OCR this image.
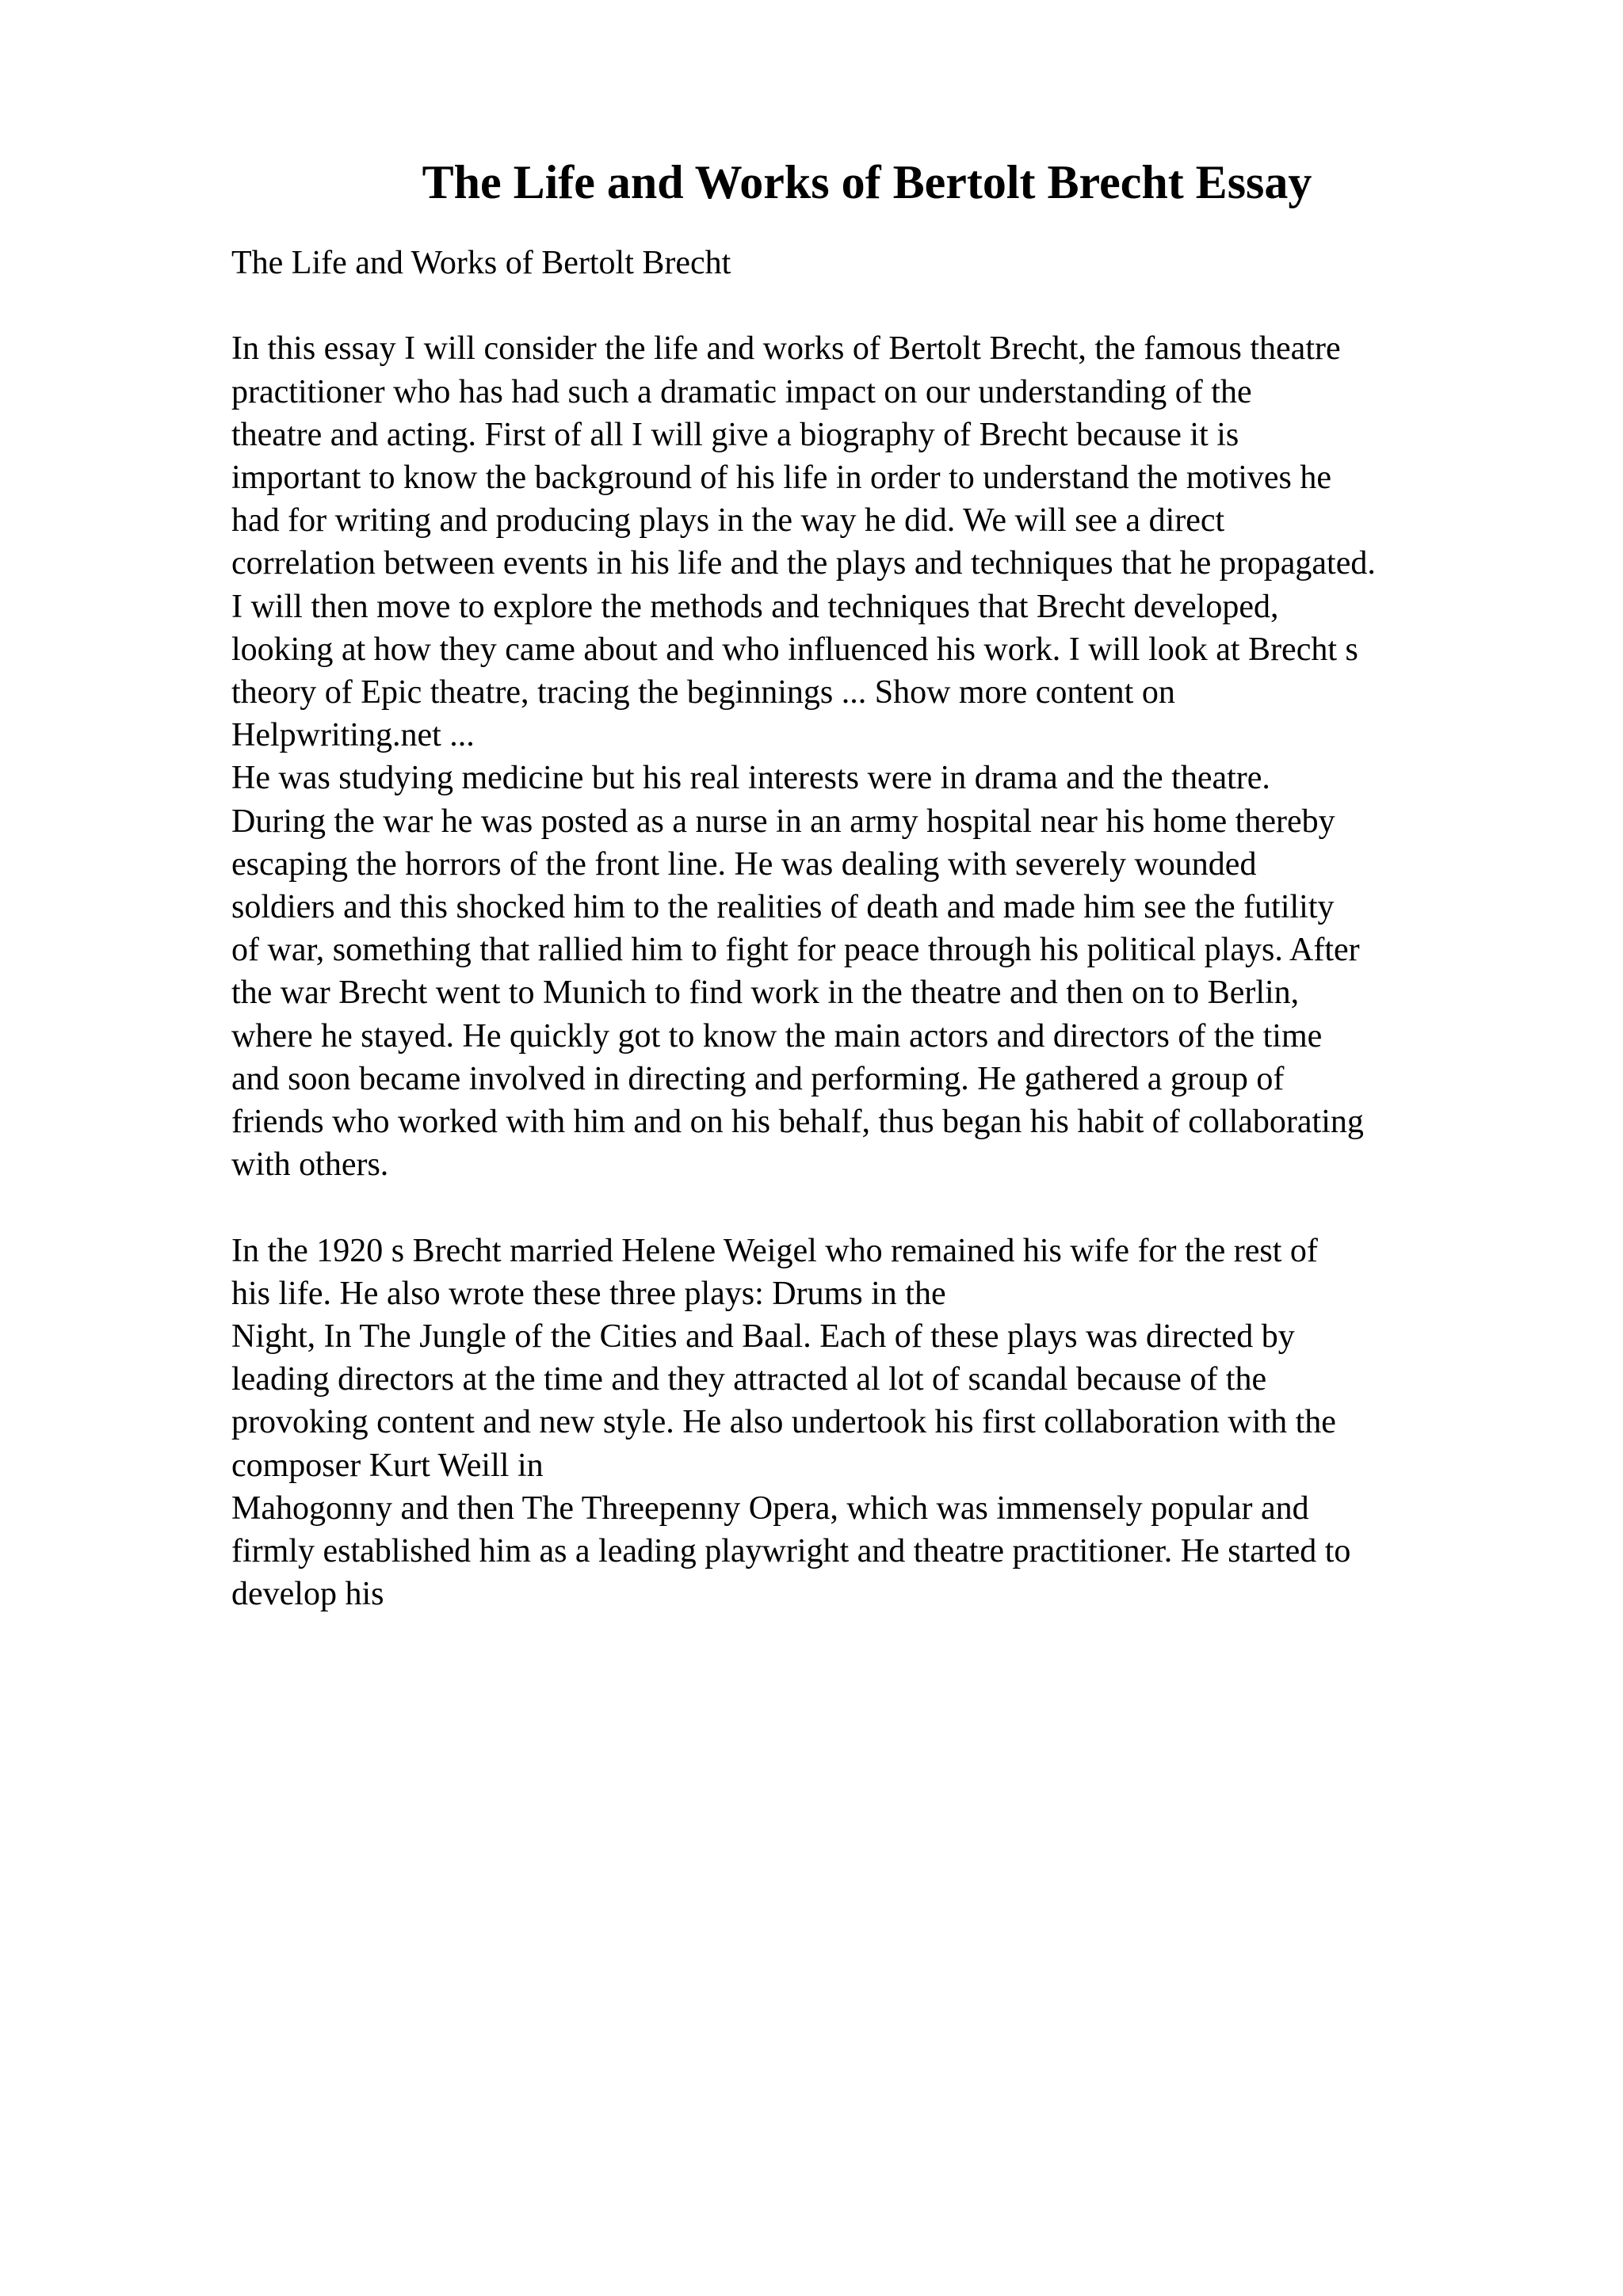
The Life and Works of Bertolt Brecht Essay
The Life and Works of Bertolt Brecht
In this essay I will consider the life and works of Bertolt Brecht, the famous theatre
practitioner who has had such a dramatic impact on our understanding of the
theatre and acting. First of all I will give a biography of Brecht because it is
important to know the background of his life in order to understand the motives he
had for writing and producing plays in the way he did. We will see a direct
correlation between events in his life and the plays and techniques that he propagated.
I will then move to explore the methods and techniques that Brecht developed,
looking at how they came about and who influenced his work. I will look at Brecht s
theory of Epic theatre, tracing the beginnings ... Show more content on
Helpwriting.net ...
He was studying medicine but his real interests were in drama and the theatre.
During the war he was posted as a nurse in an army hospital near his home thereby
escaping the horrors of the front line. He was dealing with severely wounded
soldiers and this shocked him to the realities of death and made him see the futility
of war, something that rallied him to fight for peace through his political plays. After
the war Brecht went to Munich to find work in the theatre and then on to Berlin,
where he stayed. He quickly got to know the main actors and directors of the time
and soon became involved in directing and performing. He gathered a group of
friends who worked with him and on his behalf, thus began his habit of collaborating
with others.
In the 1920 s Brecht married Helene Weigel who remained his wife for the rest of
his life. He also wrote these three plays: Drums in the
Night, In The Jungle of the Cities and Baal. Each of these plays was directed by
leading directors at the time and they attracted al lot of scandal because of the
provoking content and new style. He also undertook his first collaboration with the
composer Kurt Weill in
Mahogonny and then The Threepenny Opera, which was immensely popular and
firmly established him as a leading playwright and theatre practitioner. He started to
develop his
